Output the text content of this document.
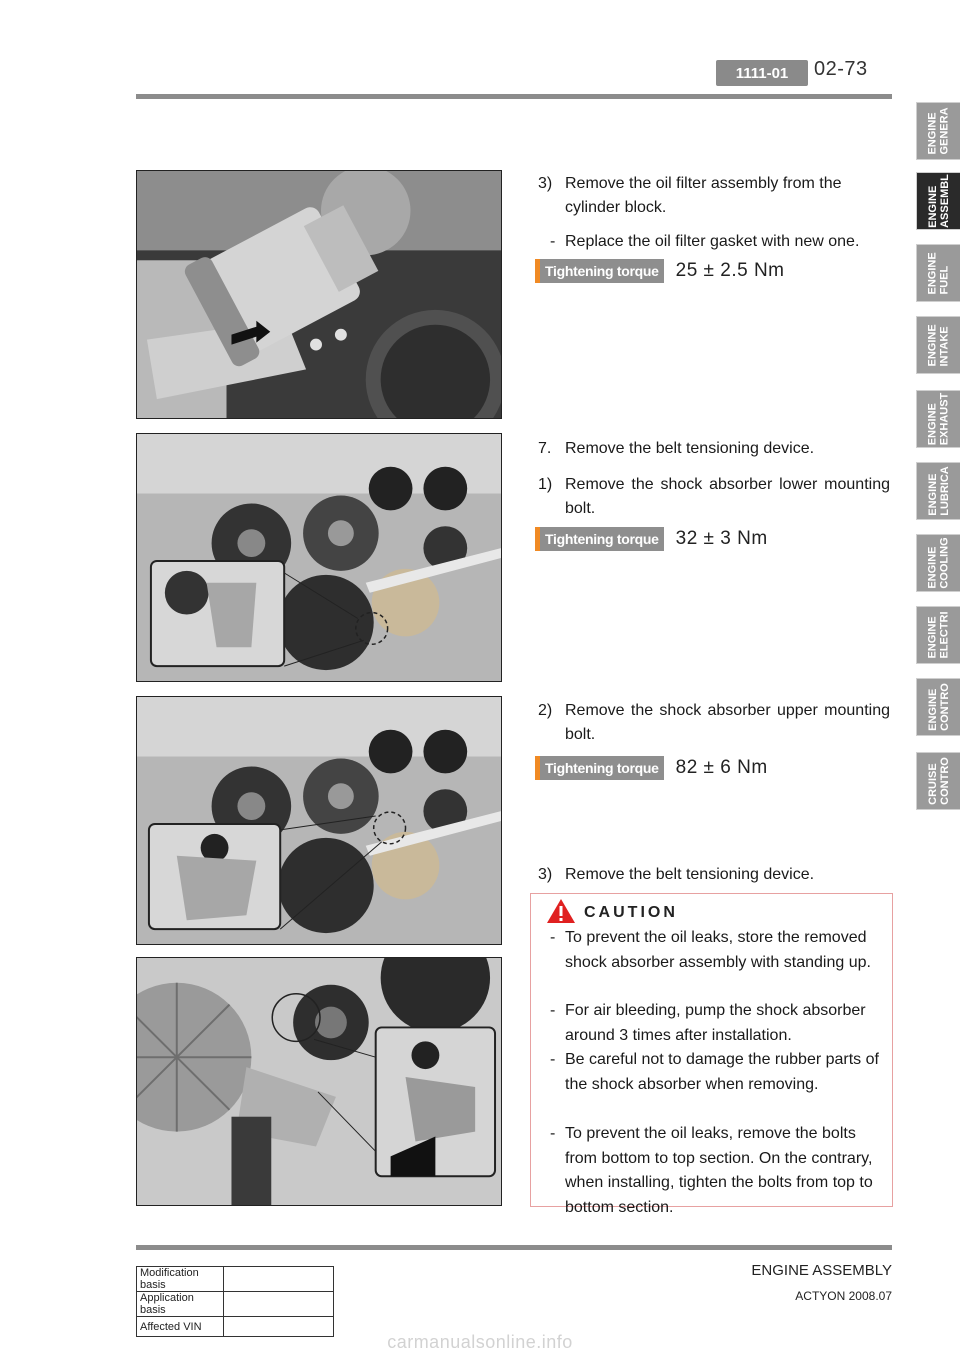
1111-01	02-73
ENGINE
GENERA
ENGINE
ASSEMBL
ENGINE
FUEL
ENGINE
INTAKE
ENGINE
EXHAUST
ENGINE
LUBRICA
ENGINE
COOLING
ENGINE
ELECTRI
ENGINE
CONTRO
CRUISE
CONTRO
3) Remove the oil filter assembly from the cylinder block.
- Replace the oil filter gasket with new one.
Tightening torque 25 ± 2.5 Nm
7. Remove the belt tensioning device.
1) Remove the shock absorber lower mounting bolt.
Tightening torque 32 ± 3 Nm
2) Remove the shock absorber upper mounting bolt.
Tightening torque 82 ± 6 Nm
3) Remove the belt tensioning device.
CAUTION
- To prevent the oil leaks, store the removed shock absorber assembly with standing up.
- For air bleeding, pump the shock absorber around 3 times after installation.
- Be careful not to damage the rubber parts of the shock absorber when removing.
- To prevent the oil leaks, remove the bolts from bottom to top section. On the contrary, when installing, tighten the bolts from top to bottom section.
ENGINE ASSEMBLY
ACTYON 2008.07
Modification basis	
Application basis	
Affected VIN	
carmanualsonline.info
